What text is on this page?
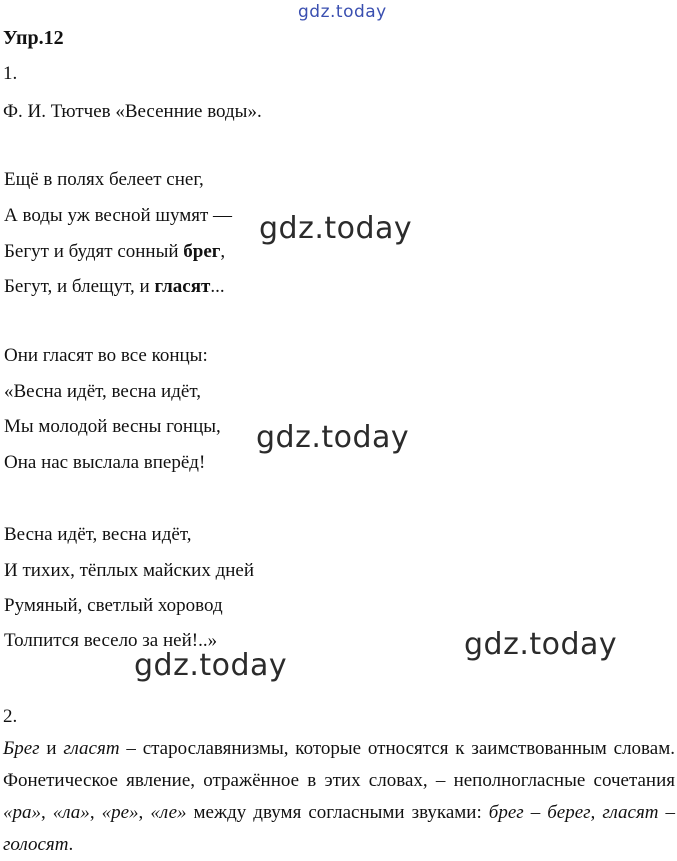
gdz.today
Упр.12
1.
Ф. И. Тютчев «Весенние воды».
Ещё в полях белеет снег,
А воды уж весной шумят —
Бегут и будят сонный брег,
Бегут, и блещут, и гласят...
Они гласят во все концы:
«Весна идёт, весна идёт,
Мы молодой весны гонцы,
Она нас выслала вперёд!
Весна идёт, весна идёт,
И тихих, тёплых майских дней
Румяный, светлый хоровод
Толпится весело за ней!..»
2.
Брег и гласят – старославянизмы, которые относятся к заимствованным словам. Фонетическое явление, отражённое в этих словах, – неполногласные сочетания «ра», «ла», «ре», «ле» между двумя согласными звуками: брег – берег, гласят – голосят.
gdz.today
gdz.today
gdz.today
gdz.today
